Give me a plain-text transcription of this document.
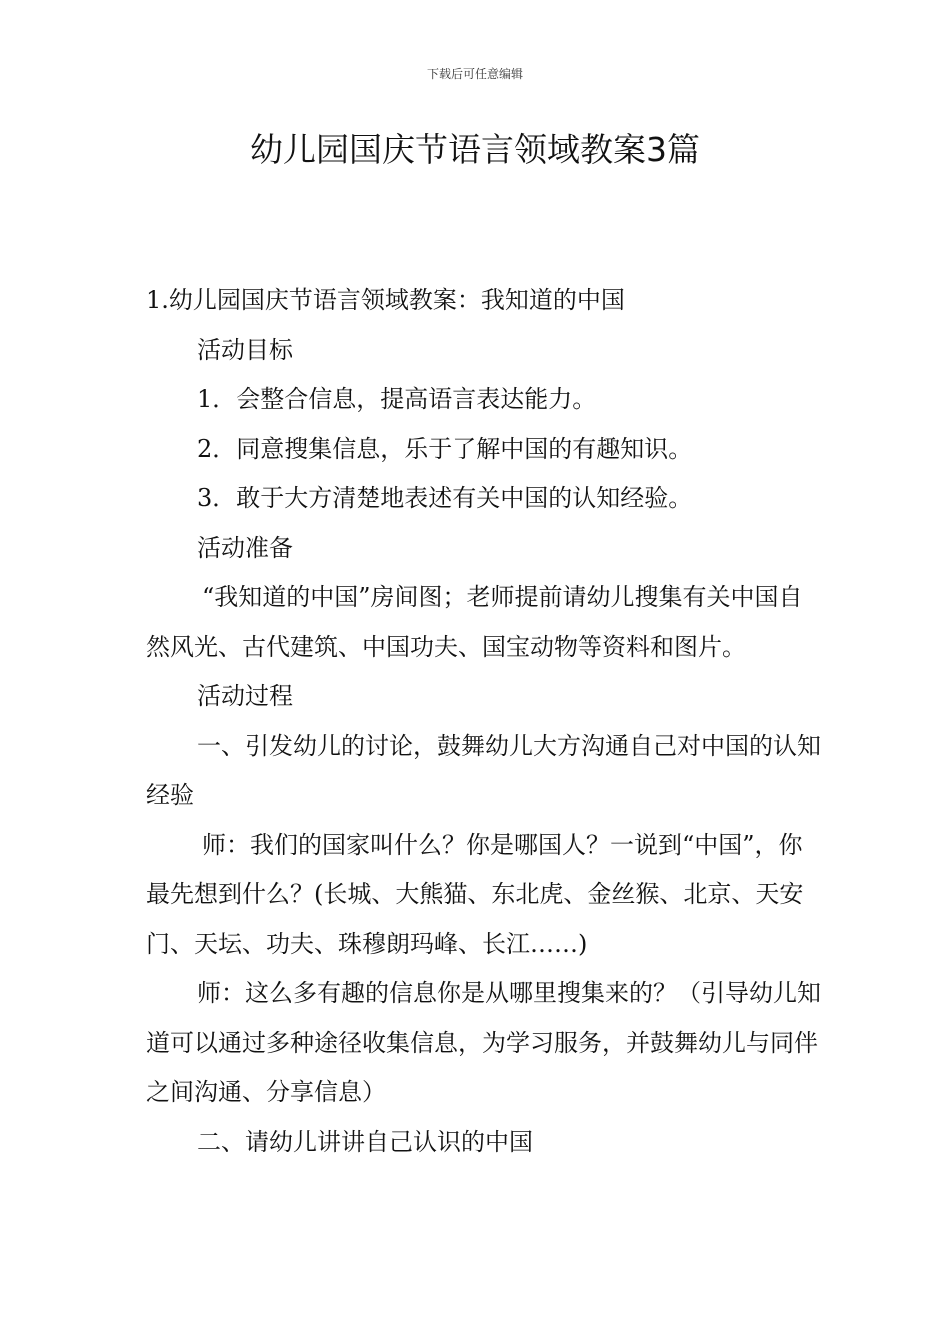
下载后可任意编辑
幼儿园国庆节语言领域教案3篇

1.幼儿园国庆节语言领域教案：我知道的中国

活动目标

1．会整合信息，提高语言表达能力。

2．同意搜集信息，乐于了解中国的有趣知识。

3．敢于大方清楚地表述有关中国的认知经验。

活动准备

“我知道的中国”房间图；老师提前请幼儿搜集有关中国自然风光、古代建筑、中国功夫、国宝动物等资料和图片。

活动过程

一、引发幼儿的讨论，鼓舞幼儿大方沟通自己对中国的认知经验

师：我们的国家叫什么？你是哪国人？一说到“中国”，你最先想到什么？(长城、大熊猫、东北虎、金丝猴、北京、天安门、天坛、功夫、珠穆朗玛峰、长江……)

师：这么多有趣的信息你是从哪里搜集来的？（引导幼儿知道可以通过多种途径收集信息，为学习服务，并鼓舞幼儿与同伴之间沟通、分享信息）

二、请幼儿讲讲自己认识的中国
